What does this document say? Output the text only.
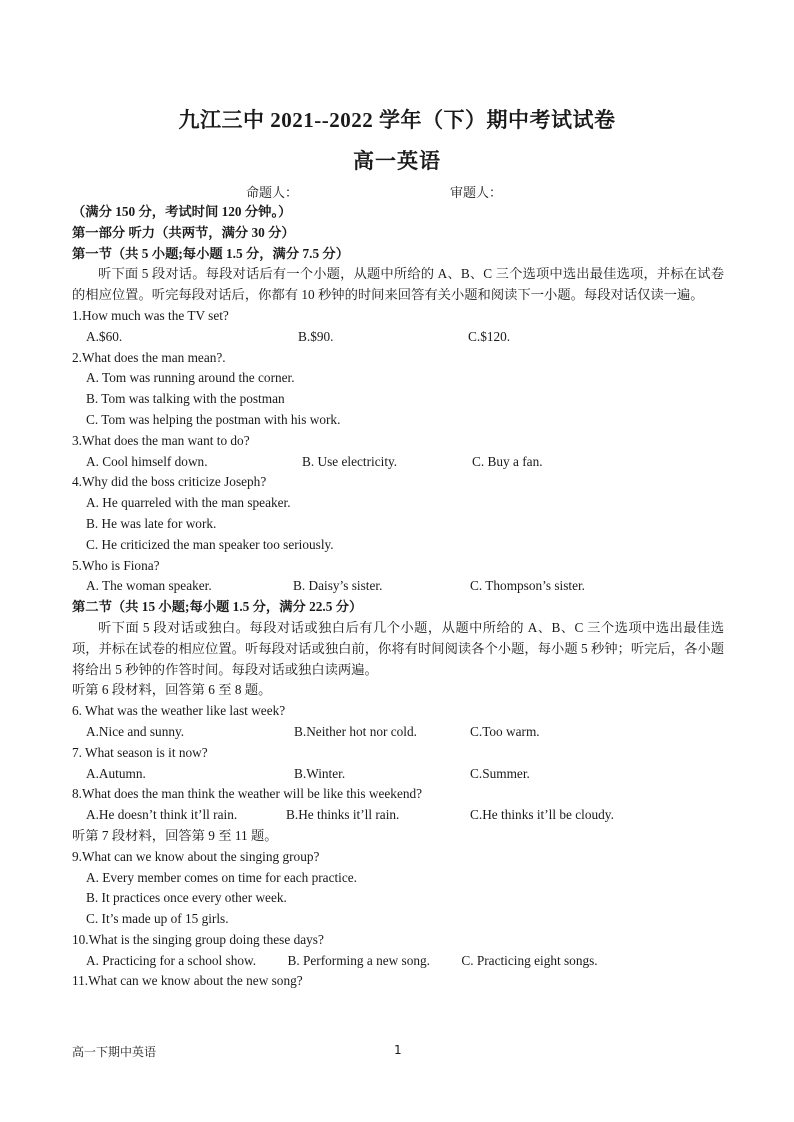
九江三中 2021--2022 学年（下）期中考试试卷
高一英语
命题人：	审题人：
（满分 150 分，考试时间 120 分钟。）
第一部分 听力（共两节，满分 30 分）
第一节（共 5 小题;每小题 1.5 分，满分 7.5 分）
听下面 5 段对话。每段对话后有一个小题，从题中所给的 A、B、C 三个选项中选出最佳选项，并标在试卷的相应位置。听完每段对话后，你都有 10 秒钟的时间来回答有关小题和阅读下一小题。每段对话仅读一遍。
1.How much was the TV set?
A.$60.	B.$90.	C.$120.
2.What does the man mean?.
A. Tom was running around the corner.
B. Tom was talking with the postman
C. Tom was helping the postman with his work.
3.What does the man want to do?
A. Cool himself down.	B. Use electricity.	C. Buy a fan.
4.Why did the boss criticize Joseph?
A. He quarreled with the man speaker.
B. He was late for work.
C. He criticized the man speaker too seriously.
5.Who is Fiona?
A. The woman speaker.	B. Daisy’s sister.	C. Thompson’s sister.
第二节（共 15 小题;每小题 1.5 分，满分 22.5 分）
听下面 5 段对话或独白。每段对话或独白后有几个小题，从题中所给的 A、B、C 三个选项中选出最佳选项，并标在试卷的相应位置。听每段对话或独白前，你将有时间阅读各个小题，每小题 5 秒钟；听完后，各小题将给出 5 秒钟的作答时间。每段对话或独白读两遍。
听第 6 段材料，回答第 6 至 8 题。
6. What was the weather like last week?
A.Nice and sunny.	B.Neither hot nor cold.	C.Too warm.
7. What season is it now?
A.Autumn.	B.Winter.	C.Summer.
8.What does the man think the weather will be like this weekend?
A.He doesn’t think it’ll rain.	B.He thinks it’ll rain.	C.He thinks it’ll be cloudy.
听第 7 段材料，回答第 9 至 11 题。
9.What can we know about the singing group?
A. Every member comes on time for each practice.
B. It practices once every other week.
C. It’s made up of 15 girls.
10.What is the singing group doing these days?
A. Practicing for a school show. B. Performing a new song. C. Practicing eight songs.
11.What can we know about the new song?
高一下期中英语	1
